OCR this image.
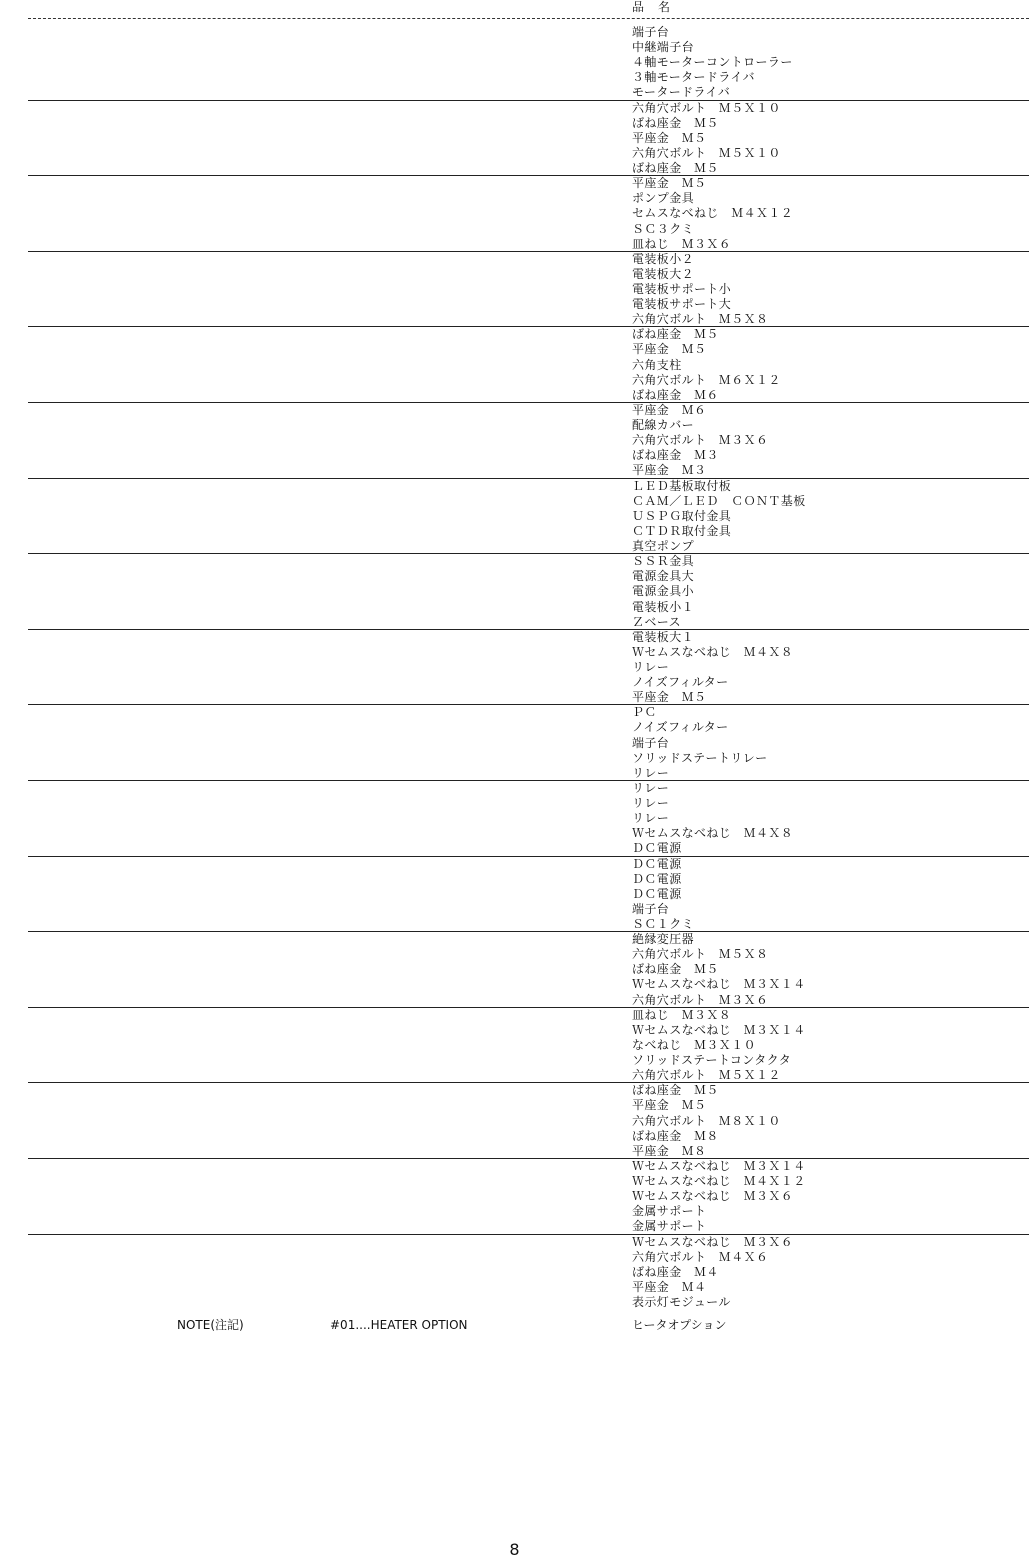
品　名
端子台
中継端子台
４軸モーターコントローラー
３軸モータードライバ
モータードライバ
六角穴ボルト　Ｍ５Ｘ１０
ばね座金　Ｍ５
平座金　Ｍ５
六角穴ボルト　Ｍ５Ｘ１０
ばね座金　Ｍ５
平座金　Ｍ５
ポンプ金具
セムスなべねじ　Ｍ４Ｘ１２
ＳＣ３クミ
皿ねじ　Ｍ３Ｘ６
電装板小２
電装板大２
電装板サポート小
電装板サポート大
六角穴ボルト　Ｍ５Ｘ８
ばね座金　Ｍ５
平座金　Ｍ５
六角支柱
六角穴ボルト　Ｍ６Ｘ１２
ばね座金　Ｍ６
平座金　Ｍ６
配線カバー
六角穴ボルト　Ｍ３Ｘ６
ばね座金　Ｍ３
平座金　Ｍ３
ＬＥＤ基板取付板
ＣＡＭ／ＬＥＤ　ＣＯＮＴ基板
ＵＳＰＧ取付金具
ＣＴＤＲ取付金具
真空ポンプ
ＳＳＲ金具
電源金具大
電源金具小
電装板小１
Ｚベース
電装板大１
Ｗセムスなべねじ　Ｍ４Ｘ８
リレー
ノイズフィルター
平座金　Ｍ５
ＰＣ
ノイズフィルター
端子台
ソリッドステートリレー
リレー
リレー
リレー
リレー
Ｗセムスなべねじ　Ｍ４Ｘ８
ＤＣ電源
ＤＣ電源
ＤＣ電源
ＤＣ電源
端子台
ＳＣ１クミ
絶縁変圧器
六角穴ボルト　Ｍ５Ｘ８
ばね座金　Ｍ５
Ｗセムスなべねじ　Ｍ３Ｘ１４
六角穴ボルト　Ｍ３Ｘ６
皿ねじ　Ｍ３Ｘ８
Ｗセムスなべねじ　Ｍ３Ｘ１４
なべねじ　Ｍ３Ｘ１０
ソリッドステートコンタクタ
六角穴ボルト　Ｍ５Ｘ１２
ばね座金　Ｍ５
平座金　Ｍ５
六角穴ボルト　Ｍ８Ｘ１０
ばね座金　Ｍ８
平座金　Ｍ８
Ｗセムスなべねじ　Ｍ３Ｘ１４
Ｗセムスなべねじ　Ｍ４Ｘ１２
Ｗセムスなべねじ　Ｍ３Ｘ６
金属サポート
金属サポート
Ｗセムスなべねじ　Ｍ３Ｘ６
六角穴ボルト　Ｍ４Ｘ６
ばね座金　Ｍ４
平座金　Ｍ４
表示灯モジュール
NOTE(注記)	#01....HEATER OPTION	ヒータオプション
8
